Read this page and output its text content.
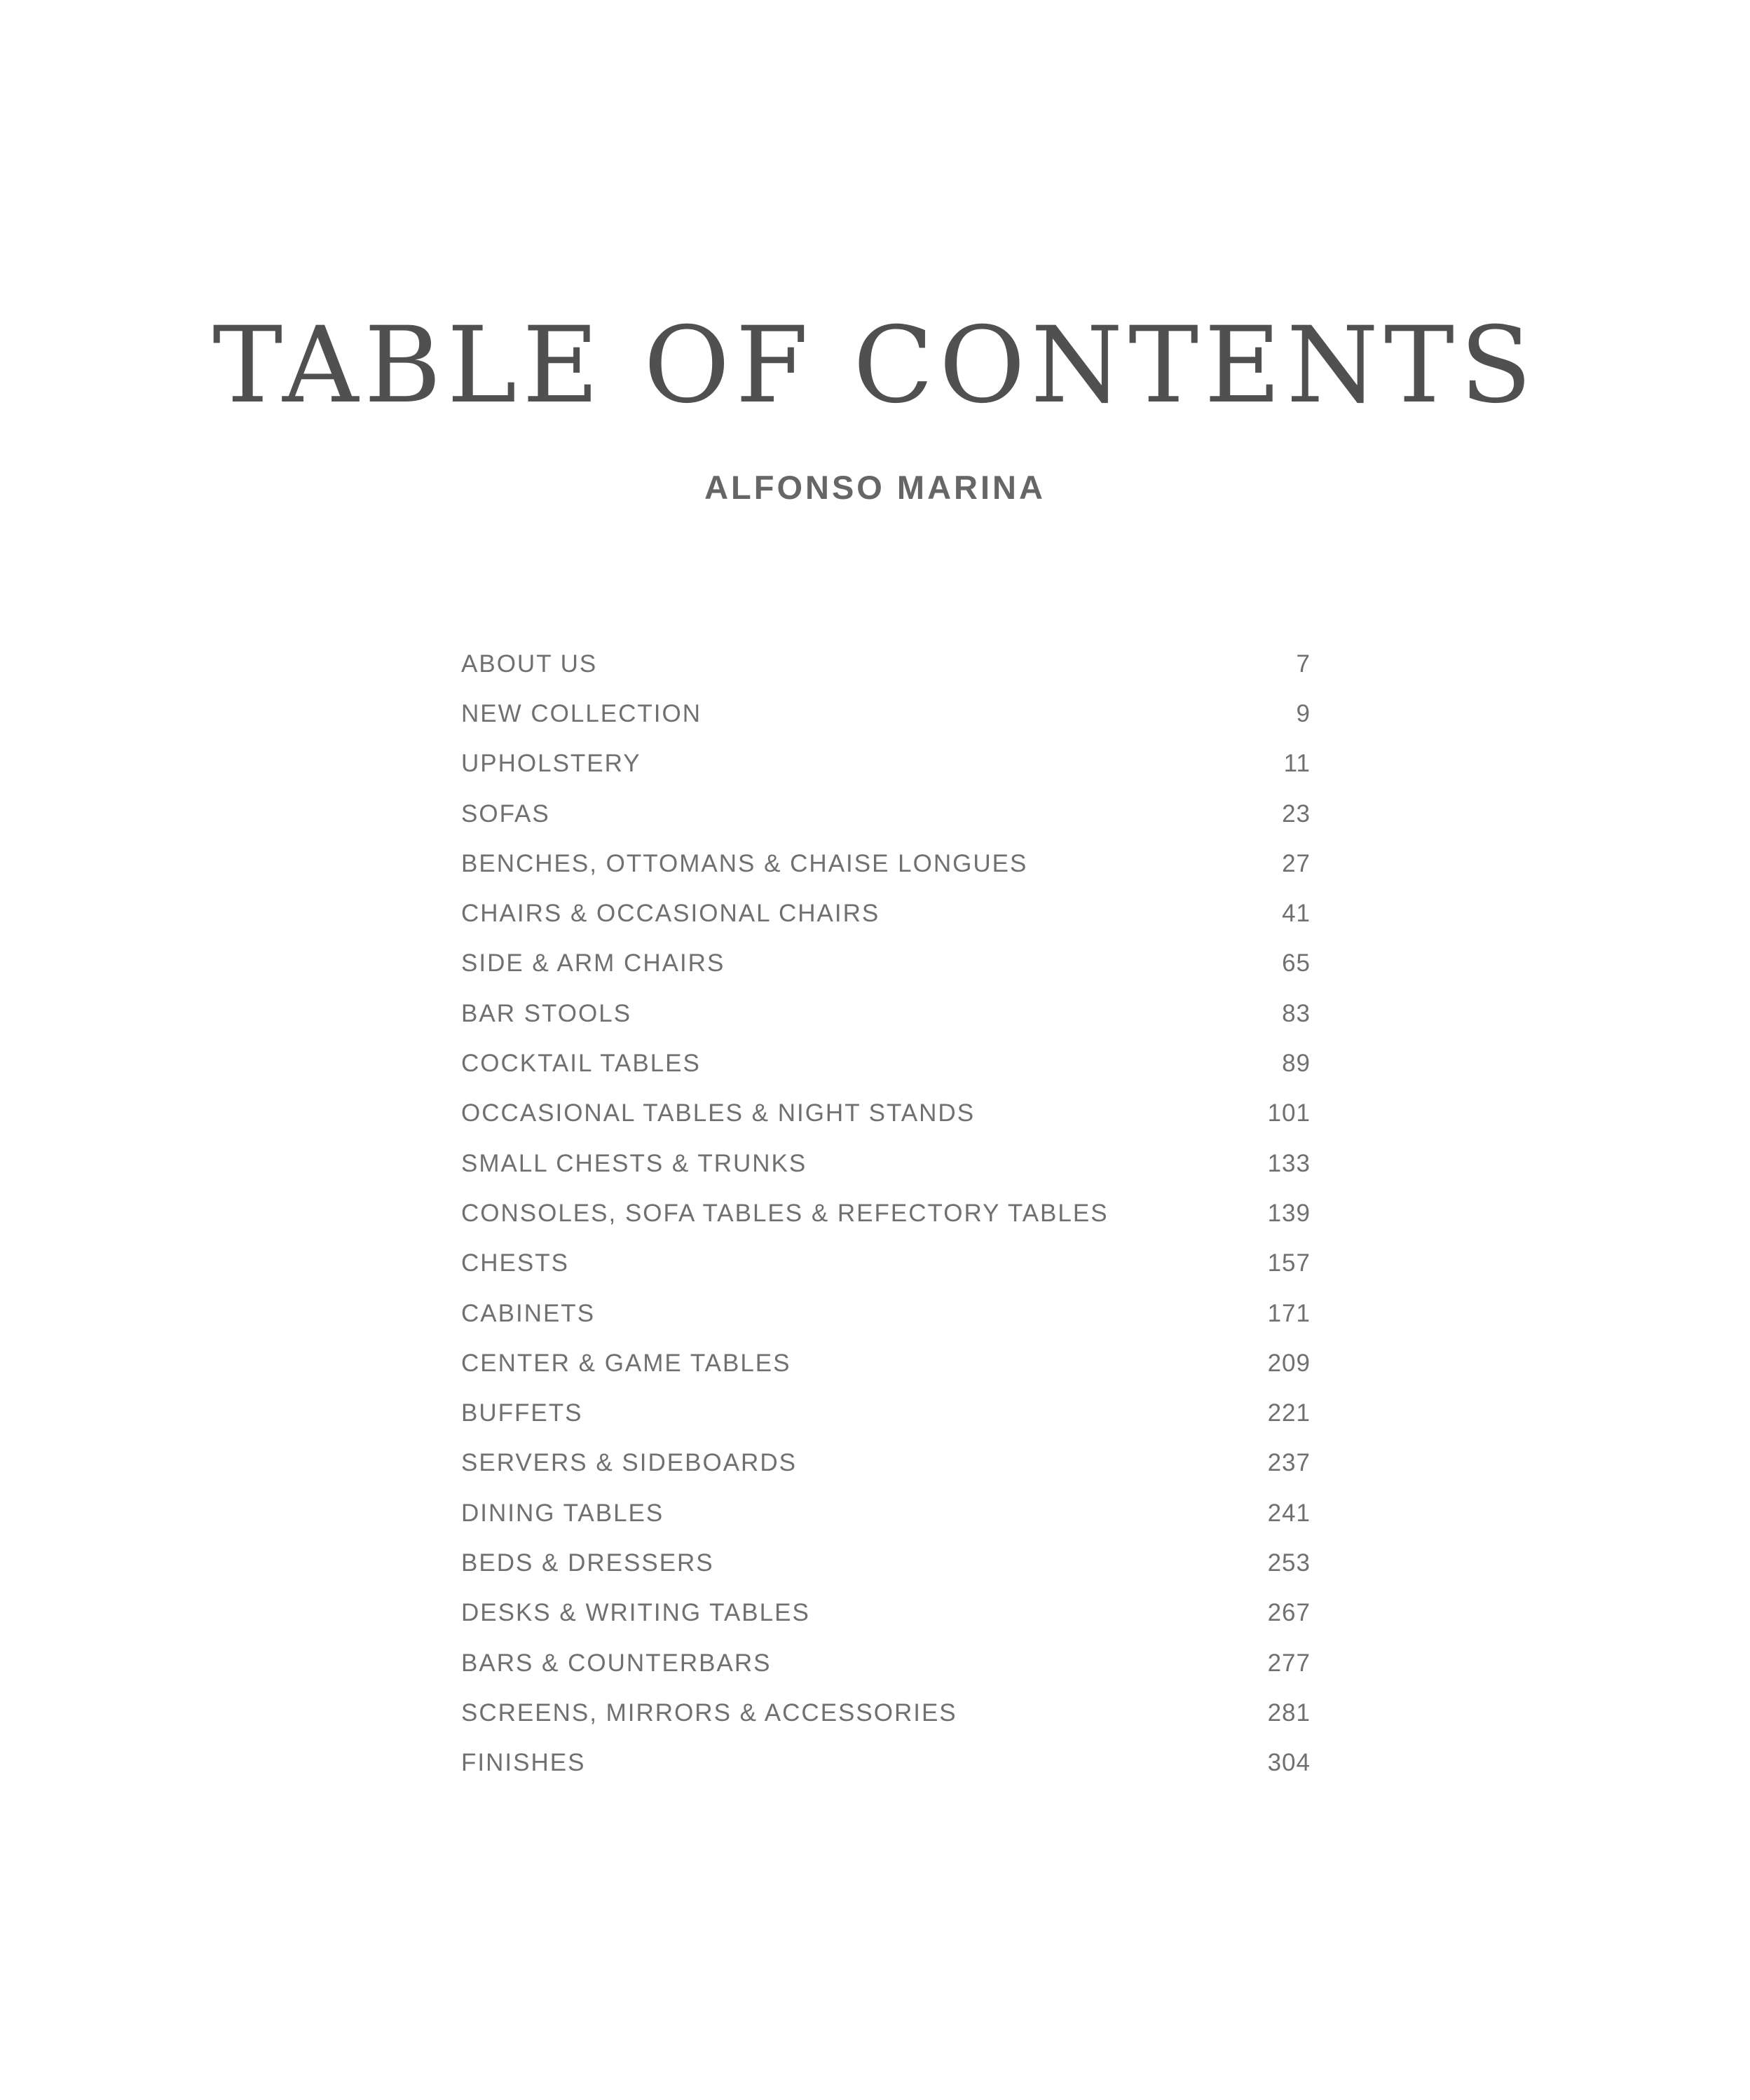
TABLE OF CONTENTS
ALFONSO MARINA
ABOUT US	7
NEW COLLECTION	9
UPHOLSTERY	11
SOFAS	23
BENCHES, OTTOMANS & CHAISE LONGUES	27
CHAIRS & OCCASIONAL CHAIRS	41
SIDE & ARM CHAIRS	65
BAR STOOLS	83
COCKTAIL TABLES	89
OCCASIONAL TABLES & NIGHT STANDS	101
SMALL CHESTS & TRUNKS	133
CONSOLES, SOFA TABLES & REFECTORY TABLES	139
CHESTS	157
CABINETS	171
CENTER & GAME TABLES	209
BUFFETS	221
SERVERS & SIDEBOARDS	237
DINING TABLES	241
BEDS & DRESSERS	253
DESKS & WRITING TABLES	267
BARS & COUNTERBARS	277
SCREENS, MIRRORS & ACCESSORIES	281
FINISHES	304
